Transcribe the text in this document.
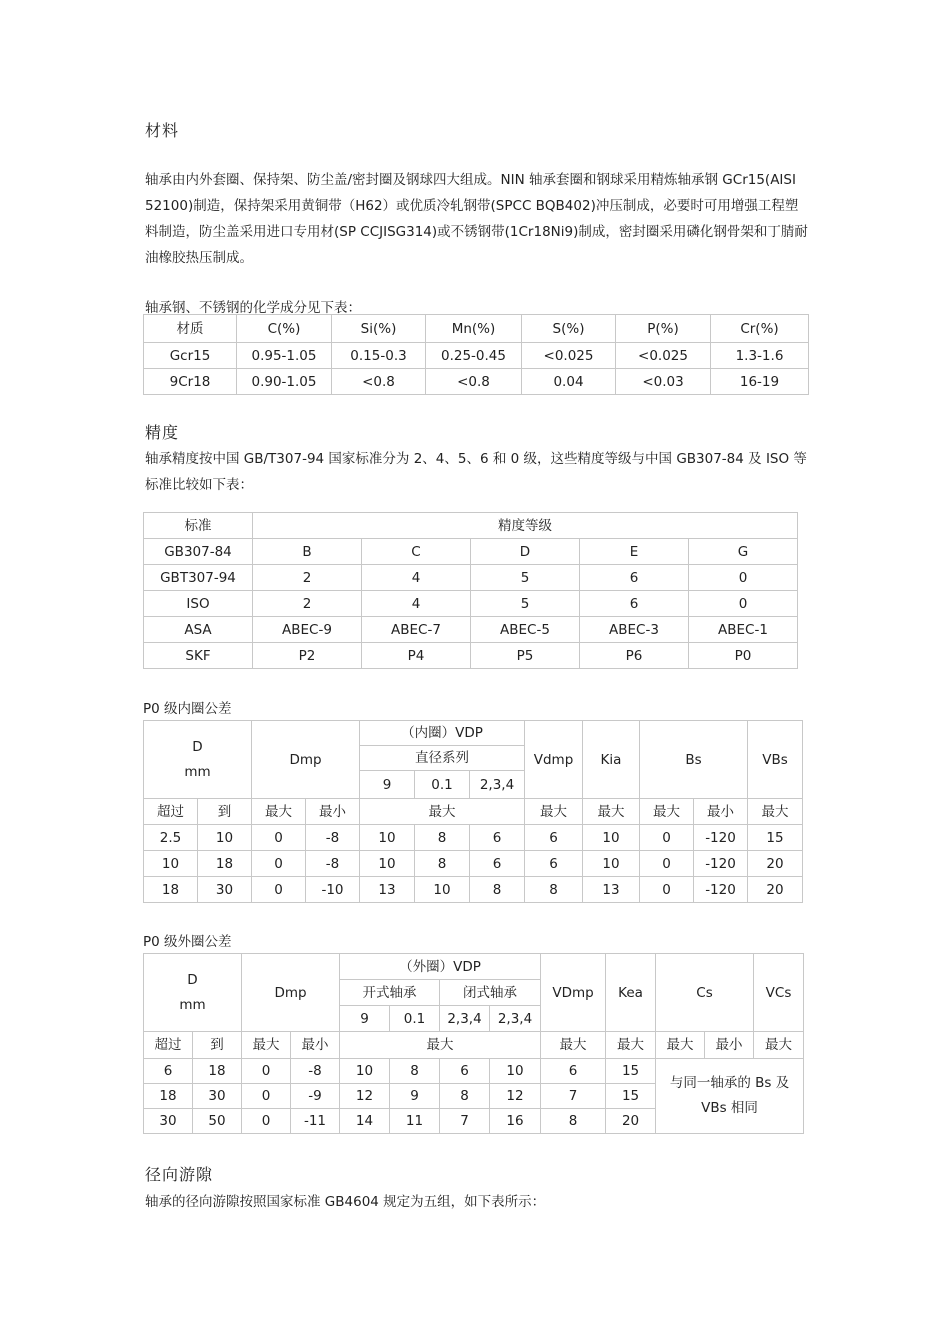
材料
轴承由内外套圈、保持架、防尘盖/密封圈及钢球四大组成。NIN 轴承套圈和钢球采用精炼轴承钢 GCr15(AISI 52100)制造，保持架采用黄铜带（H62）或优质冷轧钢带(SPCC BQB402)冲压制成，必要时可用增强工程塑料制造，防尘盖采用进口专用材(SP CCJISG314)或不锈钢带(1Cr18Ni9)制成，密封圈采用磷化钢骨架和丁腈耐油橡胶热压制成。
轴承钢、不锈钢的化学成分见下表：
材质	C(%)	Si(%)	Mn(%)	S(%)	P(%)	Cr(%)
Gcr15	0.95-1.05	0.15-0.3	0.25-0.45	<0.025	<0.025	1.3-1.6
9Cr18	0.90-1.05	<0.8	<0.8	0.04	<0.03	16-19
精度
轴承精度按中国 GB/T307-94 国家标准分为 2、4、5、6 和 0 级，这些精度等级与中国 GB307-84 及 ISO 等标准比较如下表：
标准	精度等级				
GB307-84	B	C	D	E	G
GBT307-94	2	4	5	6	0
ISO	2	4	5	6	0
ASA	ABEC-9	ABEC-7	ABEC-5	ABEC-3	ABEC-1
SKF	P2	P4	P5	P6	P0
P0 级内圈公差
D
mm		Dmp		（内圈）VDP			Vdmp	Kia	Bs		VBs
				直径系列							
				9	0.1	2,3,4					
超过	到	最大	最小	最大			最大	最大	最大	最小	最大
2.5	10	0	-8	10	8	6	6	10	0	-120	15
10	18	0	-8	10	8	6	6	10	0	-120	20
18	30	0	-10	13	10	8	8	13	0	-120	20
P0 级外圈公差
D
mm		Dmp		（外圈）VDP				VDmp	Kea	Cs		VCs
				开式轴承		闭式轴承						
				9	0.1	2,3,4	2,3,4					
超过	到	最大	最小	最大				最大	最大	最大	最小	最大
6	18	0	-8	10	8	6	10	6	15	与同一轴承的 Bs 及 VBs 相同		
18	30	0	-9	12	9	8	12	7	15			
30	50	0	-11	14	11	7	16	8	20			
径向游隙
轴承的径向游隙按照国家标准 GB4604 规定为五组，如下表所示：
